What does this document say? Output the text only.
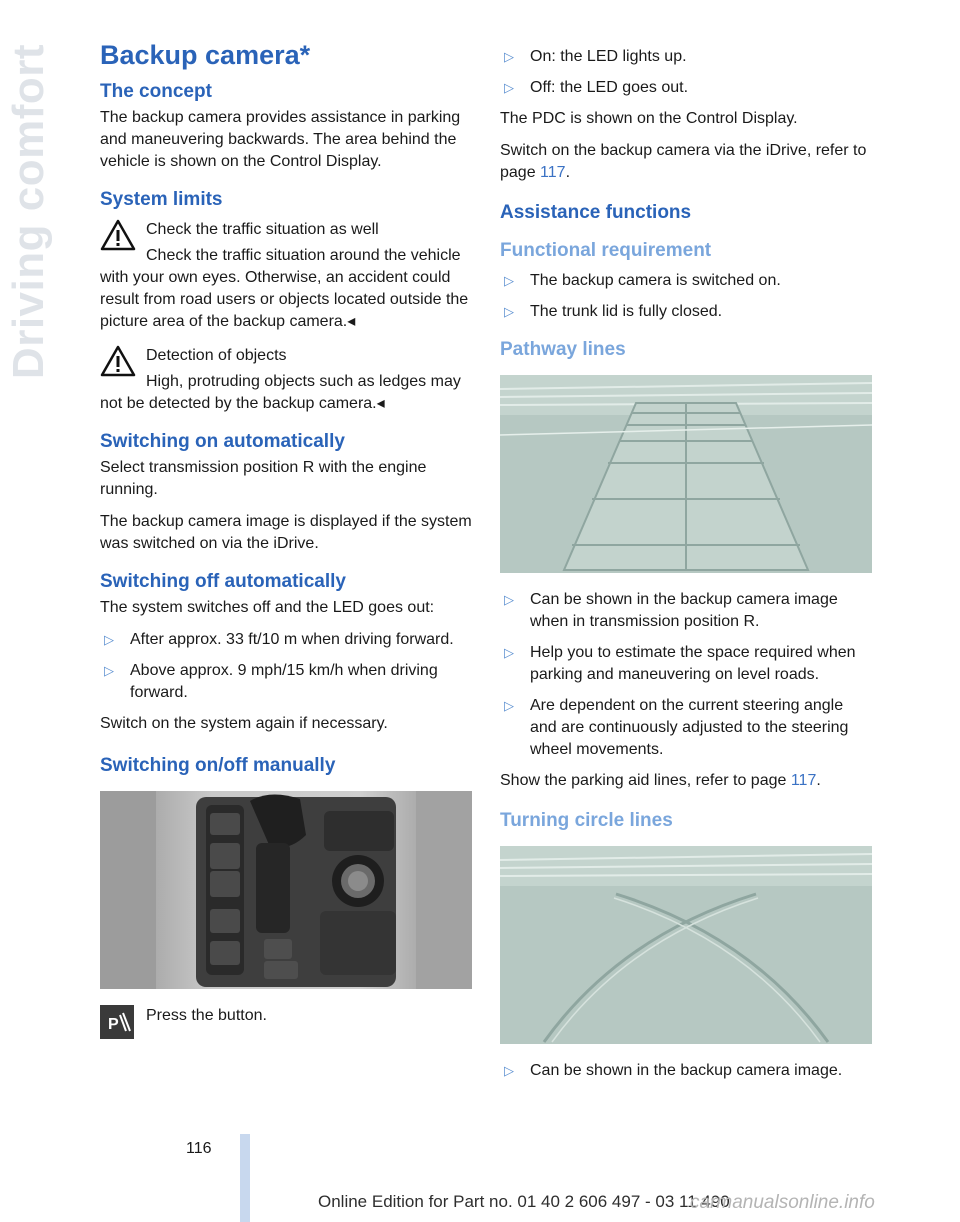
Driving comfort Backup camera*
The concept

The backup camera provides assistance in parking and maneuvering backwards. The area behind the vehicle is shown on the Control Display.

System limits
Check the traffic situation as well
Check the traffic situation around the vehicle with your own eyes. Otherwise, an accident could result from road users or objects located outside the picture area of the backup camera.◂
Detection of objects
High, protruding objects such as ledges may not be detected by the backup camera.◂
Switching on automatically

Select transmission position R with the engine running.

The backup camera image is displayed if the system was switched on via the iDrive.

Switching off automatically

The system switches off and the LED goes out:

▷ After approx. 33 ft/10 m when driving forward.
▷ Above approx. 9 mph/15 km/h when driving forward.

Switch on the system again if necessary.

Switching on/off manually
P

Press the button.

▷ On: the LED lights up.
▷ Off: the LED goes out.

The PDC is shown on the Control Display.

Switch on the backup camera via the iDrive, refer to page 117.

Assistance functions
Functional requirement
▷ The backup camera is switched on.
▷ The trunk lid is fully closed.
Pathway lines
▷ Can be shown in the backup camera image when in transmission position R.
▷ Help you to estimate the space required when parking and maneuvering on level roads.
▷ Are dependent on the current steering angle and are continuously adjusted to the steering wheel movements.

Show the parking aid lines, refer to page 117.

Turning circle lines
▷ Can be shown in the backup camera image.
116
Online Edition for Part no. 01 40 2 606 497 - 03 11 490
carmanualsonline.info
